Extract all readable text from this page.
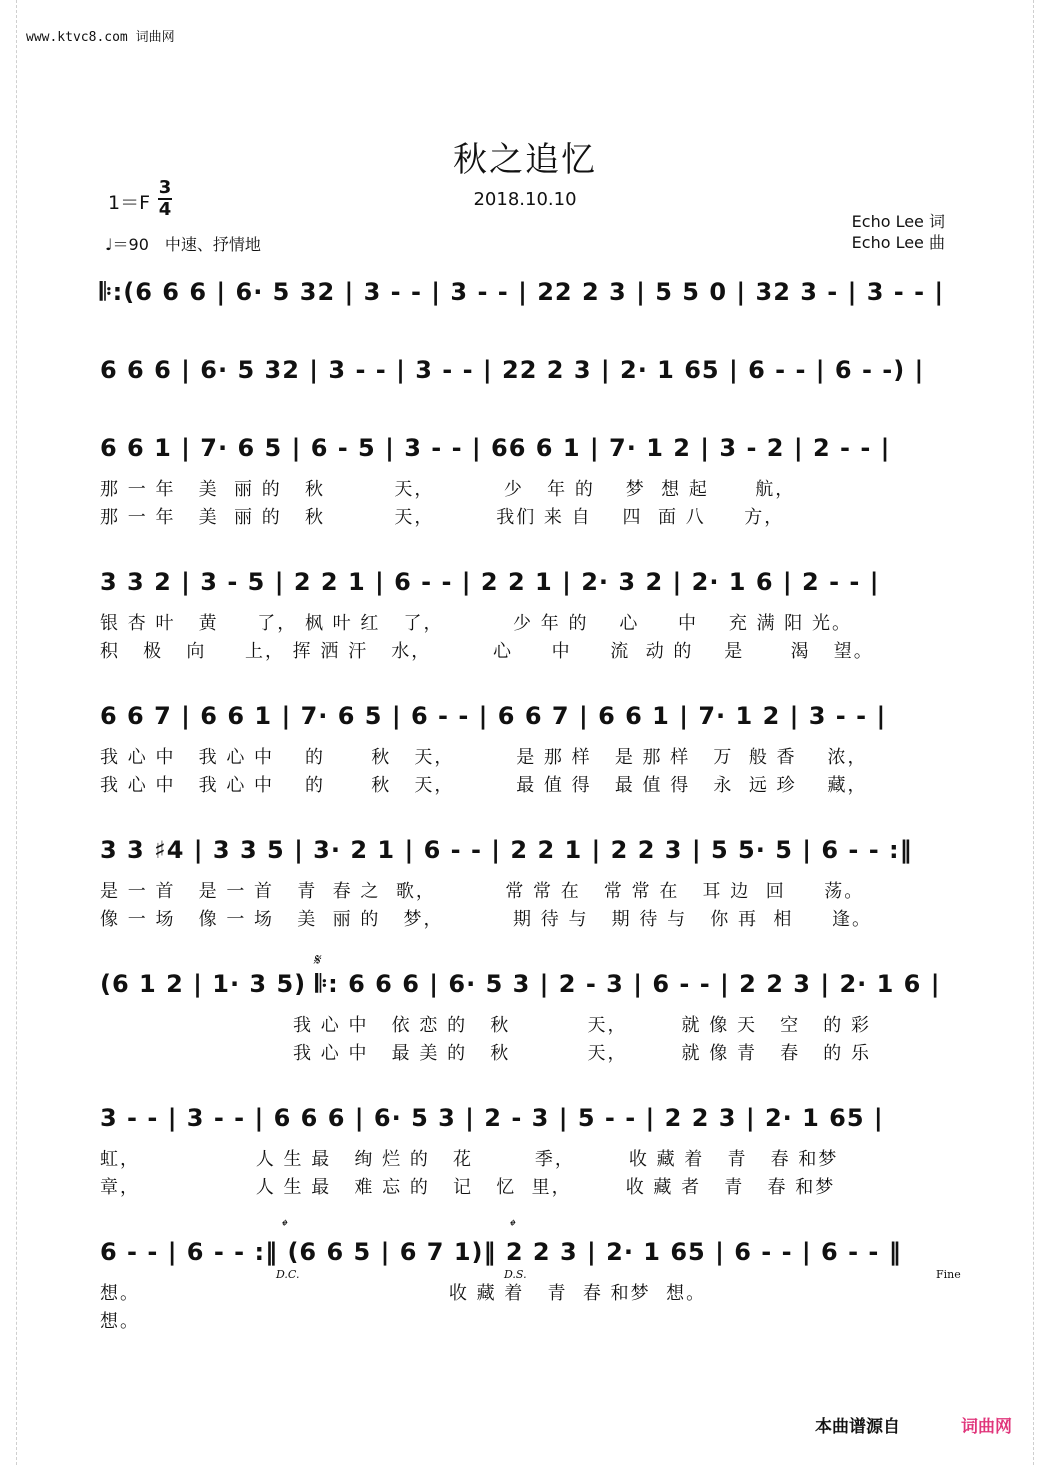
www.ktvc8.com 词曲网
秋之追忆
2018.10.10
1＝F
3
4
♩＝90　中速、抒情地
Echo Lee 词
Echo Lee 曲
𝄆:(6 6 6 | 6· 5 32 | 3 - - | 3 - - | 22 2 3 | 5 5 0 | 32 3 - | 3 - - |
6 6 6 | 6· 5 32 | 3 - - | 3 - - | 22 2 3 | 2· 1 65 | 6 - - | 6 - -) |
6 6 1 | 7· 6 5 | 6 - 5 | 3 - - | 66 6 1 | 7· 1 2 | 3 - 2 | 2 - - |
那 一 年   美  丽 的   秋         天，         少   年 的    梦  想 起      航，
那 一 年   美  丽 的   秋         天，        我们 来 自    四  面 八     方，
3 3 2 | 3 - 5 | 2 2 1 | 6 - - | 2 2 1 | 2· 3 2 | 2· 1 6 | 2 - - |
银 杏 叶   黄     了， 枫 叶 红   了，         少 年 的    心     中    充 满 阳 光。
积   极   向     上， 挥 洒 汗   水，        心     中     流  动 的    是      渴   望。
6 6 7 | 6 6 1 | 7· 6 5 | 6 - - | 6 6 7 | 6 6 1 | 7· 1 2 | 3 - - |
我 心 中   我 心 中    的      秋   天，        是 那 样   是 那 样   万  般 香    浓，
我 心 中   我 心 中    的      秋   天，        最 值 得   最 值 得   永  远 珍    藏，
3 3 ♯4 | 3 3 5 | 3· 2 1 | 6 - - | 2 2 1 | 2 2 3 | 5 5· 5 | 6 - - :‖
是 一 首   是 一 首   青  春 之  歌，         常 常 在   常 常 在   耳 边  回     荡。
像 一 场   像 一 场   美  丽 的   梦，         期 待 与   期 待 与   你 再  相     逢。
𝄋
(6 1 2 | 1· 3 5) 𝄆: 6 6 6 | 6· 5 3 | 2 - 3 | 6 - - | 2 2 3 | 2· 1 6 |
我 心 中   依 恋 的   秋          天，       就 像 天   空   的 彩
我 心 中   最 美 的   秋          天，       就 像 青   春   的 乐
3 - - | 3 - - | 6 6 6 | 6· 5 3 | 2 - 3 | 5 - - | 2 2 3 | 2· 1 65 |
虹，               人 生 最   绚 烂 的   花        季，       收 藏 着   青   春 和梦
章，               人 生 最   难 忘 的   记   忆  里，       收 藏 者   青   春 和梦
𝄌	𝄌
6 - - | 6 - - :‖ (6 6 5 | 6 7 1)‖ 2 2 3 | 2· 1 65 | 6 - - | 6 - - ‖
D.C.	D.S.	Fine
想。                                        收 藏 着   青  春 和梦  想。
想。
本曲谱源自	词曲网
